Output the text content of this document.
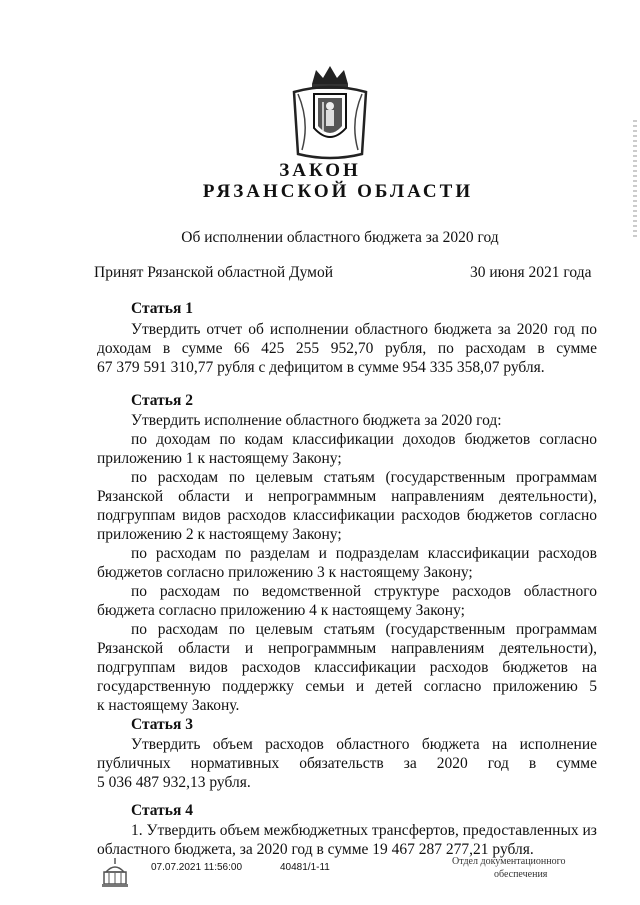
ЗАКОН
РЯЗАНСКОЙ ОБЛАСТИ
Об исполнении областного бюджета за 2020 год
Принят Рязанской областной Думой	30 июня 2021 года
Статья 1
Утвердить отчет об исполнении областного бюджета за 2020 год по
доходам в сумме 66 425 255 952,70 рубля, по расходам в сумме
67 379 591 310,77 рубля с дефицитом в сумме 954 335 358,07 рубля.
Статья 2
Утвердить исполнение областного бюджета за 2020 год:
по доходам по кодам классификации доходов бюджетов согласно
приложению 1 к настоящему Закону;
по расходам по целевым статьям (государственным программам
Рязанской области и непрограммным направлениям деятельности),
подгруппам видов расходов классификации расходов бюджетов согласно
приложению 2 к настоящему Закону;
по расходам по разделам и подразделам классификации расходов
бюджетов согласно приложению 3 к настоящему Закону;
по расходам по ведомственной структуре расходов областного
бюджета согласно приложению 4 к настоящему Закону;
по расходам по целевым статьям (государственным программам
Рязанской области и непрограммным направлениям деятельности),
подгруппам видов расходов классификации расходов бюджетов на
государственную поддержку семьи и детей согласно приложению 5
к настоящему Закону.
Статья 3
Утвердить объем расходов областного бюджета на исполнение
публичных нормативных обязательств за 2020 год в сумме
5 036 487 932,13 рубля.
Статья 4
1. Утвердить объем межбюджетных трансфертов, предоставленных из
областного бюджета, за 2020 год в сумме 19 467 287 277,21 рубля.
07.07.2021 11:56:00	40481/1-11
Отдел документационного
обеспечения
